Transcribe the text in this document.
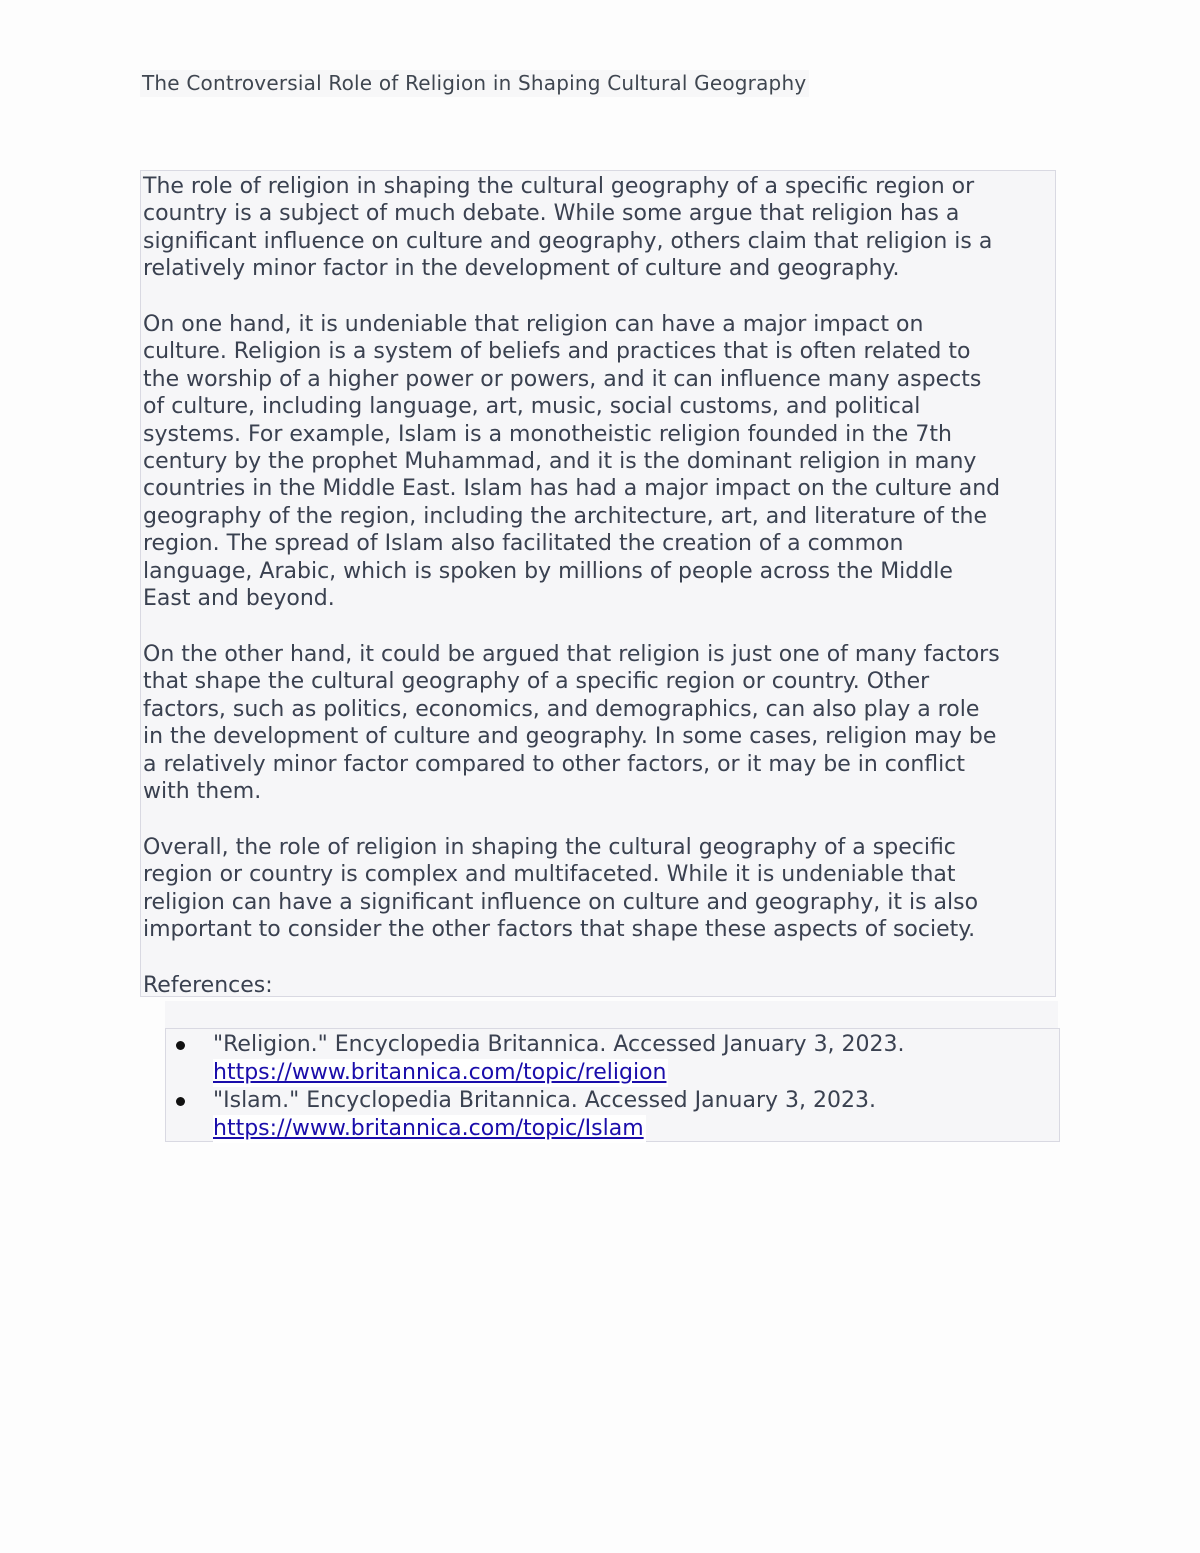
The Controversial Role of Religion in Shaping Cultural Geography

The role of religion in shaping the cultural geography of a specific region or
country is a subject of much debate. While some argue that religion has a
significant influence on culture and geography, others claim that religion is a
relatively minor factor in the development of culture and geography.

On one hand, it is undeniable that religion can have a major impact on
culture. Religion is a system of beliefs and practices that is often related to
the worship of a higher power or powers, and it can influence many aspects
of culture, including language, art, music, social customs, and political
systems. For example, Islam is a monotheistic religion founded in the 7th
century by the prophet Muhammad, and it is the dominant religion in many
countries in the Middle East. Islam has had a major impact on the culture and
geography of the region, including the architecture, art, and literature of the
region. The spread of Islam also facilitated the creation of a common
language, Arabic, which is spoken by millions of people across the Middle
East and beyond.

On the other hand, it could be argued that religion is just one of many factors
that shape the cultural geography of a specific region or country. Other
factors, such as politics, economics, and demographics, can also play a role
in the development of culture and geography. In some cases, religion may be
a relatively minor factor compared to other factors, or it may be in conflict
with them.

Overall, the role of religion in shaping the cultural geography of a specific
region or country is complex and multifaceted. While it is undeniable that
religion can have a significant influence on culture and geography, it is also
important to consider the other factors that shape these aspects of society.

References:

"Religion." Encyclopedia Britannica. Accessed January 3, 2023.
https://www.britannica.com/topic/religion
"Islam." Encyclopedia Britannica. Accessed January 3, 2023.
https://www.britannica.com/topic/Islam
